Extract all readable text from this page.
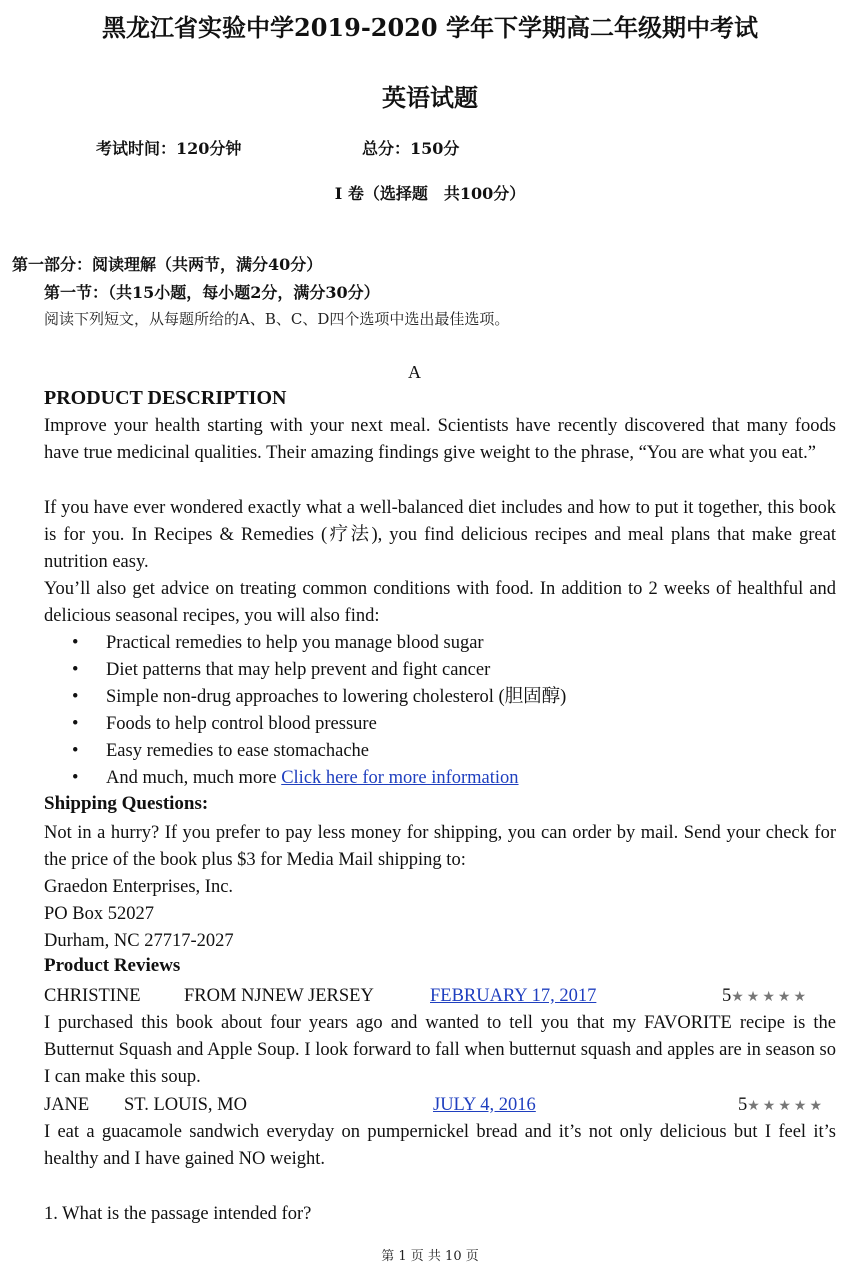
黑龙江省实验中学2019-2020 学年下学期高二年级期中考试
英语试题
考试时间：120分钟	总分：150分
I 卷（选择题　共100分）
第一部分：阅读理解（共两节，满分40分）
第一节：（共15小题，每小题2分，满分30分）
阅读下列短文，从每题所给的A、B、C、D四个选项中选出最佳选项。
A
PRODUCT DESCRIPTION
Improve your health starting with your next meal. Scientists have recently discovered that many foods have true medicinal qualities. Their amazing findings give weight to the phrase, “You are what you eat.”
If you have ever wondered exactly what a well-balanced diet includes and how to put it together, this book is for you. In Recipes & Remedies (疗法), you find delicious recipes and meal plans that make great nutrition easy.
You’ll also get advice on treating common conditions with food. In addition to 2 weeks of healthful and delicious seasonal recipes, you will also find:
• Practical remedies to help you manage blood sugar
• Diet patterns that may help prevent and fight cancer
• Simple non-drug approaches to lowering cholesterol (胆固醇)
• Foods to help control blood pressure
• Easy remedies to ease stomachache
• And much, much more Click here for more information
Shipping Questions:
Not in a hurry? If you prefer to pay less money for shipping, you can order by mail. Send your check for the price of the book plus $3 for Media Mail shipping to:
Graedon Enterprises, Inc.
PO Box 52027
Durham, NC 27717-2027
Product Reviews
CHRISTINE FROM NJNEW JERSEY	FEBRUARY 17, 2017	5★★★★★
I purchased this book about four years ago and wanted to tell you that my FAVORITE recipe is the Butternut Squash and Apple Soup. I look forward to fall when butternut squash and apples are in season so I can make this soup.
JANE ST. LOUIS, MO	JULY 4, 2016	5★★★★★
I eat a guacamole sandwich everyday on pumpernickel bread and it’s not only delicious but I feel it’s healthy and I have gained NO weight.
1. What is the passage intended for?
第 1 页 共 10 页
